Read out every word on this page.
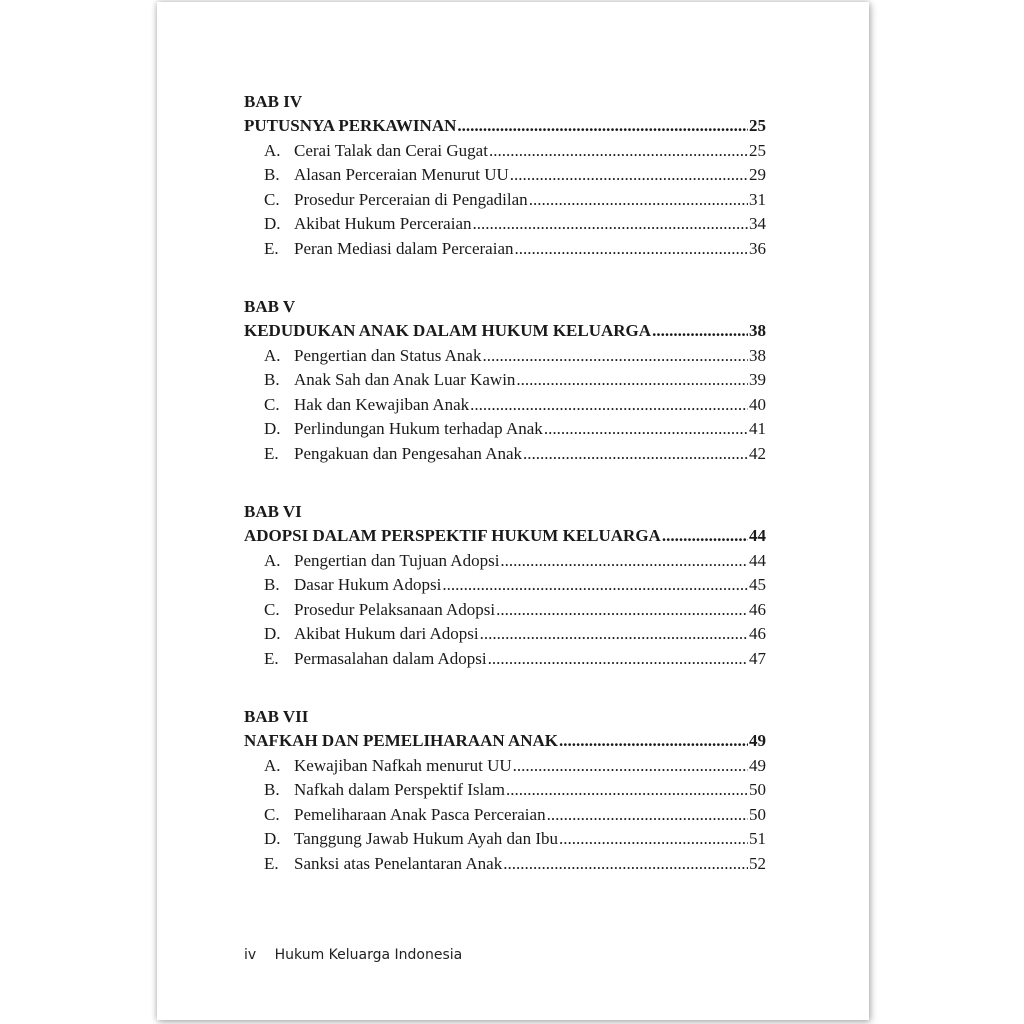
BAB IV
PUTUSNYA PERKAWINAN .....	25
A. Cerai Talak dan Cerai Gugat .....	25
B. Alasan Perceraian Menurut UU .....	29
C. Prosedur Perceraian di Pengadilan .....	31
D. Akibat Hukum Perceraian .....	34
E. Peran Mediasi dalam Perceraian .....	36
BAB V
KEDUDUKAN ANAK DALAM HUKUM KELUARGA .....	38
A. Pengertian dan Status Anak .....	38
B. Anak Sah dan Anak Luar Kawin .....	39
C. Hak dan Kewajiban Anak .....	40
D. Perlindungan Hukum terhadap Anak .....	41
E. Pengakuan dan Pengesahan Anak .....	42
BAB VI
ADOPSI DALAM PERSPEKTIF HUKUM KELUARGA .....	44
A. Pengertian dan Tujuan Adopsi .....	44
B. Dasar Hukum Adopsi .....	45
C. Prosedur Pelaksanaan Adopsi .....	46
D. Akibat Hukum dari Adopsi .....	46
E. Permasalahan dalam Adopsi .....	47
BAB VII
NAFKAH DAN PEMELIHARAAN ANAK .....	49
A. Kewajiban Nafkah menurut UU .....	49
B. Nafkah dalam Perspektif Islam .....	50
C. Pemeliharaan Anak Pasca Perceraian .....	50
D. Tanggung Jawab Hukum Ayah dan Ibu .....	51
E. Sanksi atas Penelantaran Anak .....	52
iv Hukum Keluarga Indonesia
